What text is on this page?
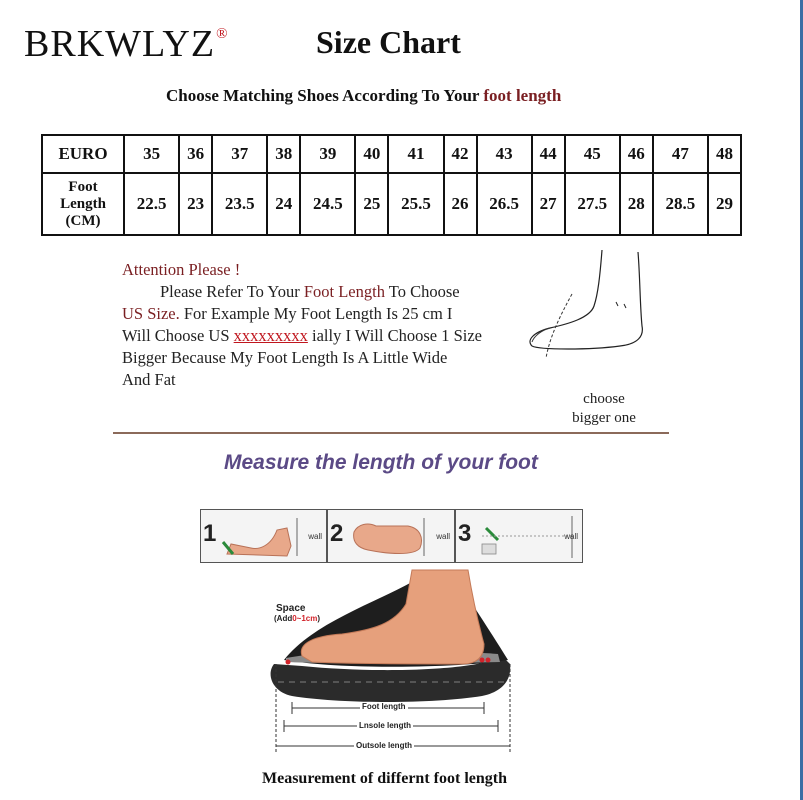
BRKWLYZ®	Size Chart
Choose Matching Shoes According To Your foot length
EURO	35	36	37	38	39	40	41	42	43	44	45	46	47	48
Foot
Length
(CM)	22.5	23	23.5	24	24.5	25	25.5	26	26.5	27	27.5	28	28.5	29
Attention Please !
Please Refer To Your Foot Length To Choose
US Size. For Example My Foot Length Is 25 cm I
Will Choose US xxxxxxxxx ially I Will Choose 1 Size
Bigger Because My Foot Length Is A Little Wide
And Fat
choose
bigger one
Measure the length of your foot
1	wall 2	wall 3	wall
Space
(Add0~1cm)
Foot length
Lnsole length
Outsole length
Measurement of differnt foot length
